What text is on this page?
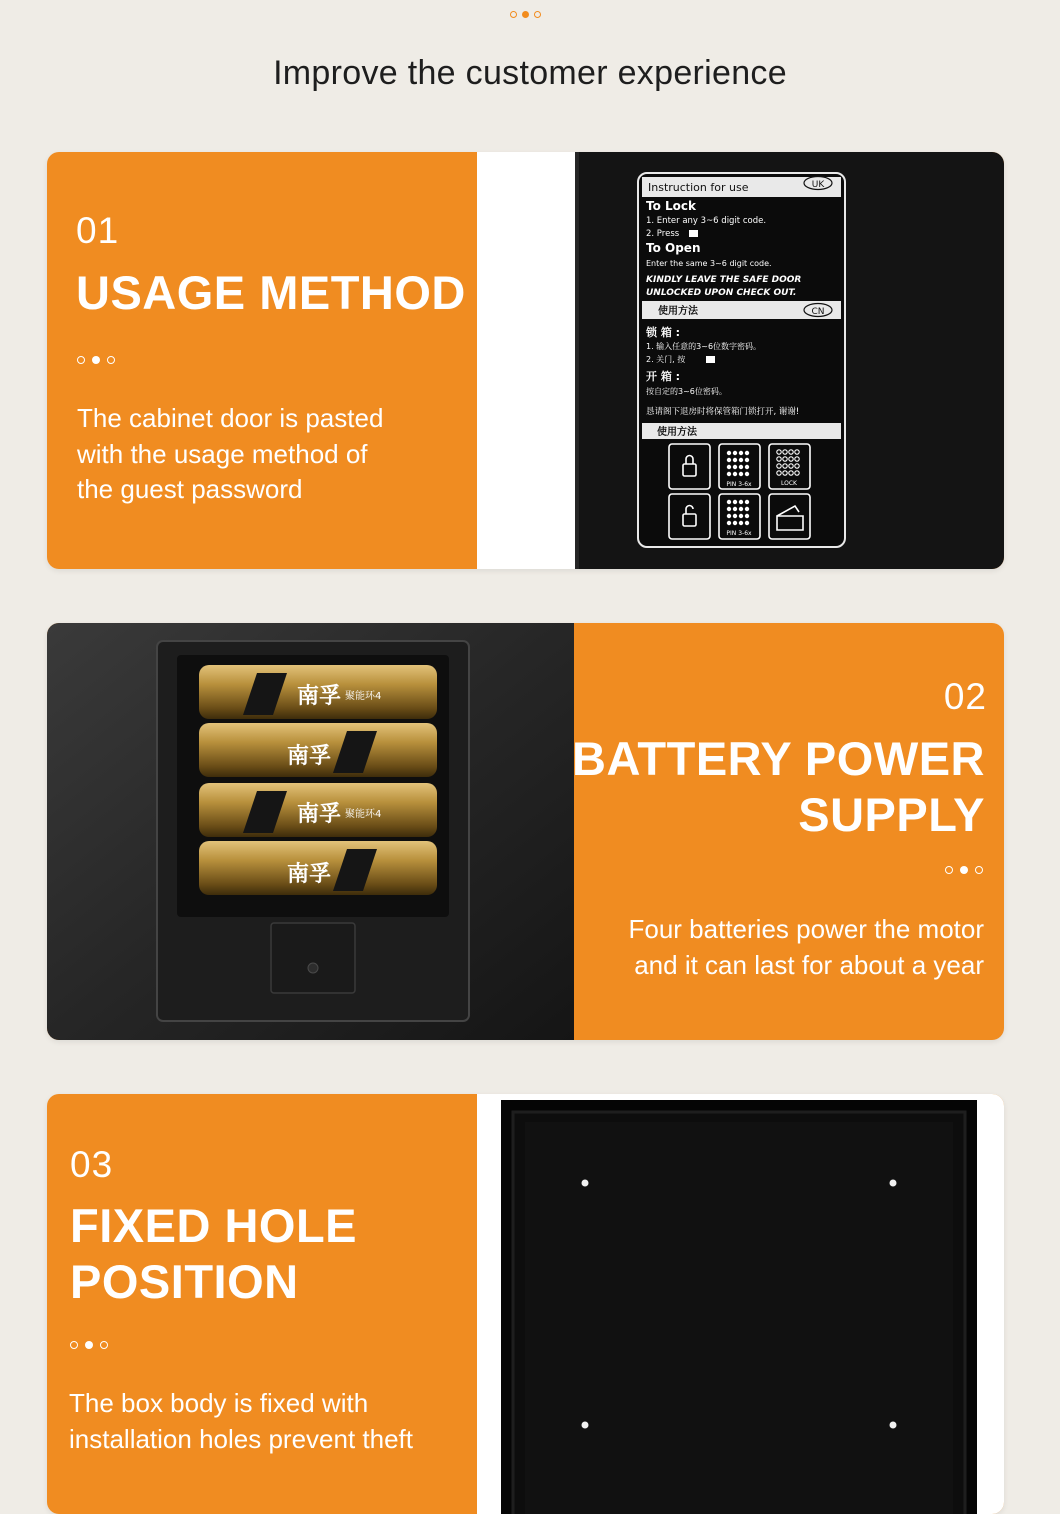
Improve the customer experience
01
USAGE METHOD
The cabinet door is pasted
with the usage method of
the guest password
Instruction for use	UK
To Lock
1. Enter any 3~6 digit code.
2. Press
To Open
Enter the same 3~6 digit code.
KINDLY LEAVE THE SAFE DOOR
UNLOCKED UPON CHECK OUT.
使用方法	CN
锁 箱 :
1. 输入任意的3~6位数字密码。
2. 关门, 按
开 箱 :
按自定的3~6位密码。
恳请阁下退房时将保管箱门锁打开, 谢谢!
使用方法
PIN 3-6x	LOCK
PIN 3-6x
南孚 聚能环4
南孚
南孚 聚能环4
南孚
02
BATTERY POWER
SUPPLY
Four batteries power the motor
and it can last for about a year
03
FIXED HOLE
POSITION
The box body is fixed with
installation holes prevent theft
